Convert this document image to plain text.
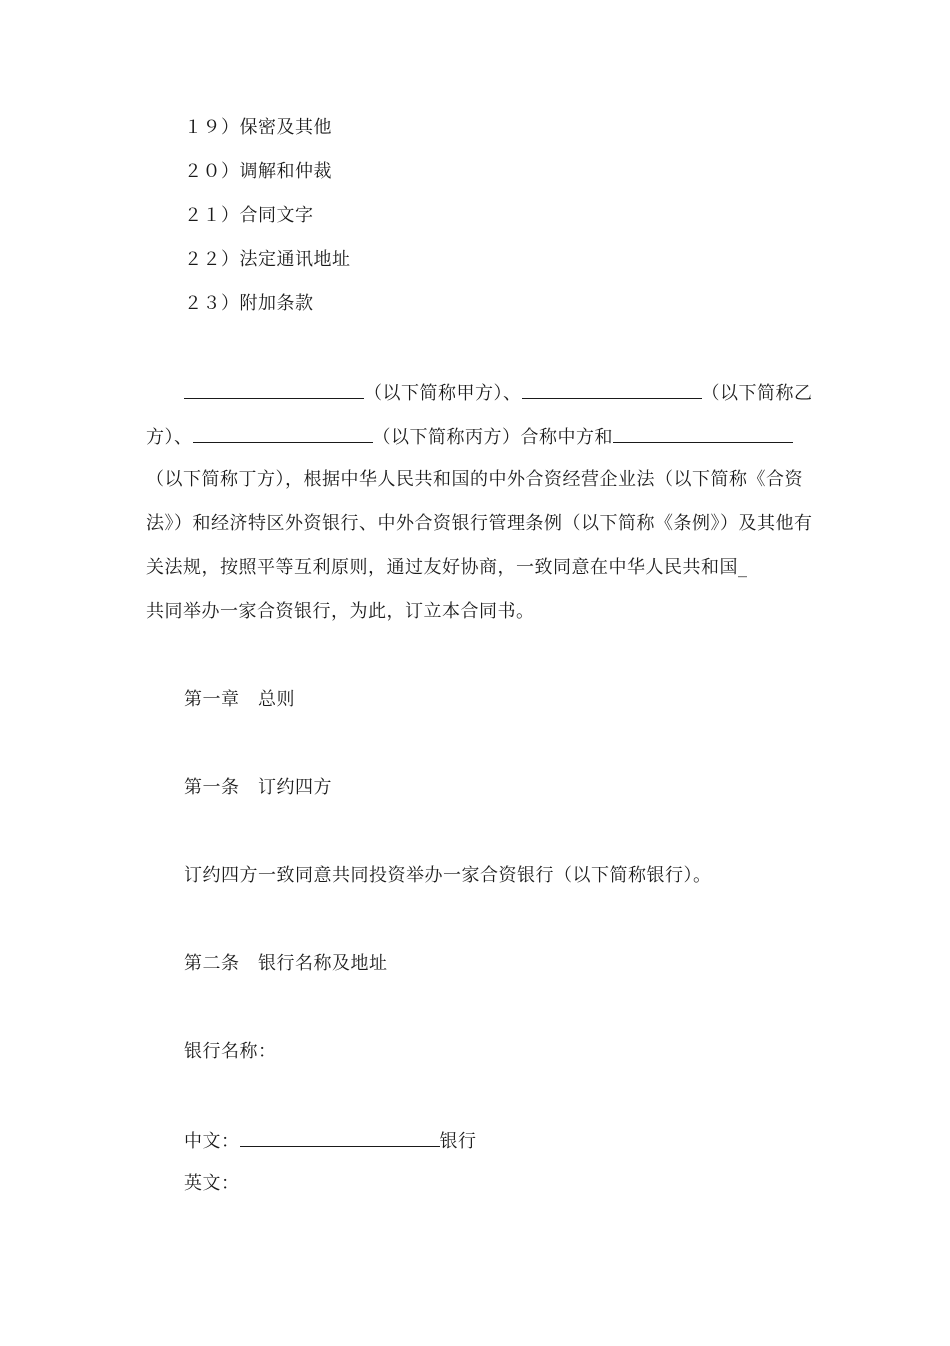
１９）保密及其他
２０）调解和仲裁
２１）合同文字
２２）法定通讯地址
２３）附加条款
（以下简称甲方）、	（以下简称乙
方）、	（以下简称丙方）合称中方和
（以下简称丁方），根据中华人民共和国的中外合资经营企业法（以下简称《合资
法》）和经济特区外资银行、中外合资银行管理条例（以下简称《条例》）及其他有
关法规，按照平等互利原则，通过友好协商，一致同意在中华人民共和国_
共同举办一家合资银行，为此，订立本合同书。
第一章　总则
第一条　订约四方
订约四方一致同意共同投资举办一家合资银行（以下简称银行）。
第二条　银行名称及地址
银行名称：
中文：	银行
英文：
